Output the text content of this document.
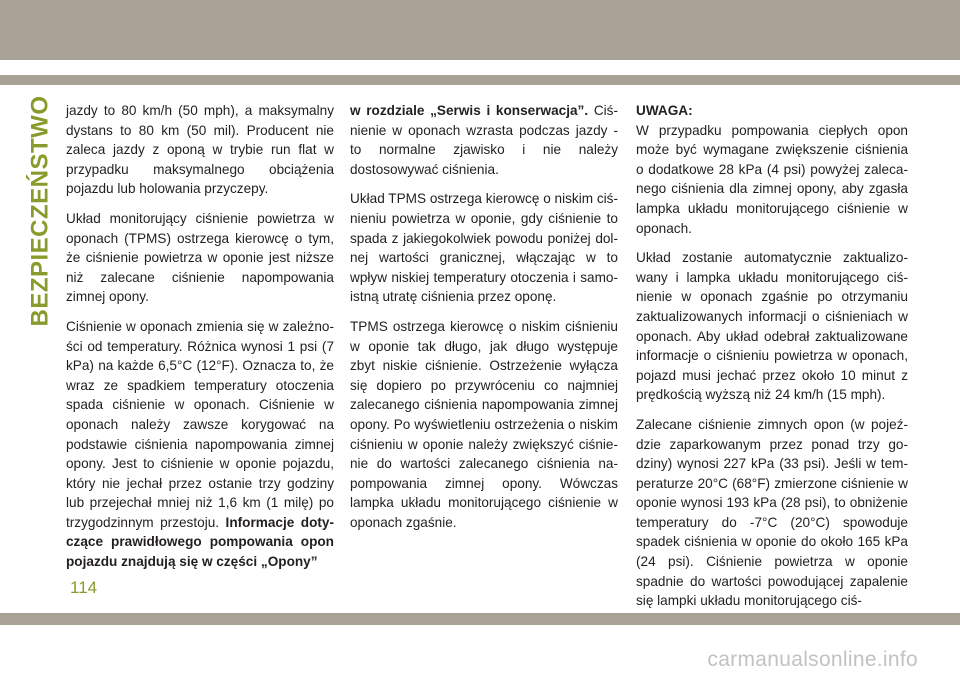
BEZPIECZEŃSTWO jazdy to 80 km/h (50 mph), a maksymalny dystans to 80 km (50 mil). Producent nie zaleca jazdy z oponą w trybie run flat w przypadku maksymalnego obciążenia pojazdu lub holowania przyczepy.

Układ monitorujący ciśnienie powietrza w oponach (TPMS) ostrzega kierowcę o tym, że ciśnienie powietrza w oponie jest niższe niż zalecane ciśnienie napompowania zimnej opony.

Ciśnienie w oponach zmienia się w zależności od temperatury. Różnica wynosi 1 psi (7 kPa) na każde 6,5°C (12°F). Oznacza to, że wraz ze spadkiem temperatury otoczenia spada ciśnienie w oponach. Ciśnienie w oponach należy zawsze korygować na podstawie ciśnienia napompowania zimnej opony. Jest to ciśnienie w oponie pojazdu, który nie jechał przez ostanie trzy godziny lub przejechał mniej niż 1,6 km (1 milę) po trzygodzinnym przestoju. Informacje dotyczące prawidłowego pompowania opon pojazdu znajdują się w części „Opony”

w rozdziale „Serwis i konserwacja”. Ciśnienie w oponach wzrasta podczas jazdy - to normalne zjawisko i nie należy dostosowywać ciśnienia.

Układ TPMS ostrzega kierowcę o niskim ciśnieniu powietrza w oponie, gdy ciśnienie to spada z jakiegokolwiek powodu poniżej dolnej wartości granicznej, włączając w to wpływ niskiej temperatury otoczenia i samoistną utratę ciśnienia przez oponę.

TPMS ostrzega kierowcę o niskim ciśnieniu w oponie tak długo, jak długo występuje zbyt niskie ciśnienie. Ostrzeżenie wyłącza się dopiero po przywróceniu co najmniej zalecanego ciśnienia napompowania zimnej opony. Po wyświetleniu ostrzeżenia o niskim ciśnieniu w oponie należy zwiększyć ciśnienie do wartości zalecanego ciśnienia napompowania zimnej opony. Wówczas lampka układu monitorującego ciśnienie w oponach zgaśnie.

UWAGA:
W przypadku pompowania ciepłych opon może być wymagane zwiększenie ciśnienia o dodatkowe 28 kPa (4 psi) powyżej zalecanego ciśnienia dla zimnej opony, aby zgasła lampka układu monitorującego ciśnienie w oponach.

Układ zostanie automatycznie zaktualizowany i lampka układu monitorującego ciśnienie w oponach zgaśnie po otrzymaniu zaktualizowanych informacji o ciśnieniach w oponach. Aby układ odebrał zaktualizowane informacje o ciśnieniu powietrza w oponach, pojazd musi jechać przez około 10 minut z prędkością wyższą niż 24 km/h (15 mph).

Zalecane ciśnienie zimnych opon (w pojeździe zaparkowanym przez ponad trzy godziny) wynosi 227 kPa (33 psi). Jeśli w temperaturze 20°C (68°F) zmierzone ciśnienie w oponie wynosi 193 kPa (28 psi), to obniżenie temperatury do -7°C (20°C) spowoduje spadek ciśnienia w oponie do około 165 kPa (24 psi). Ciśnienie powietrza w oponie spadnie do wartości powodującej zapalenie się lampki układu monitorującego ciś-

114
carmanualsonline.info
